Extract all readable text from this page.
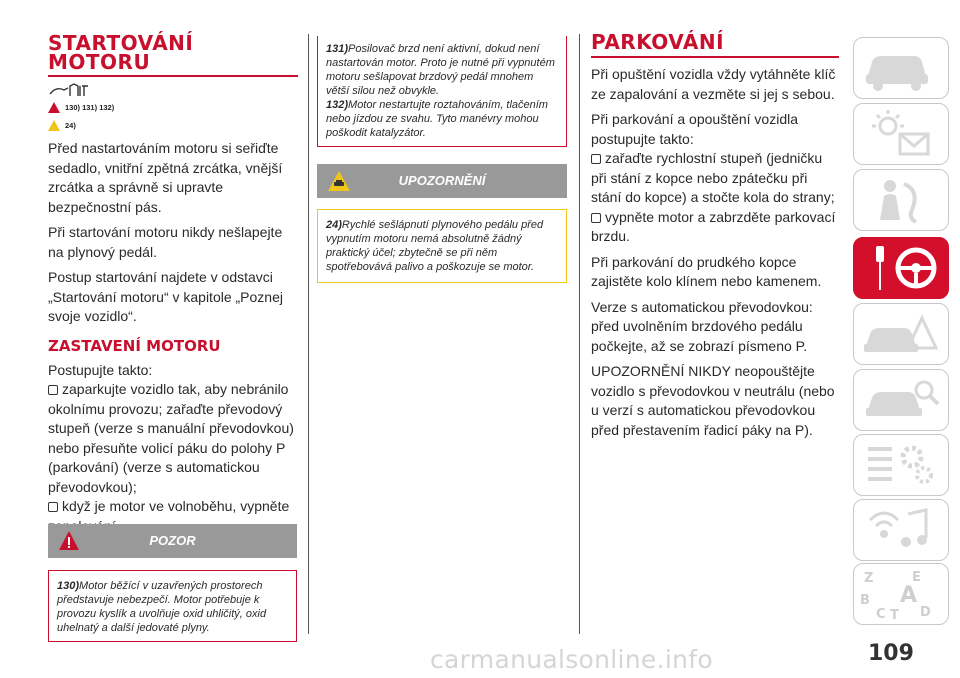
STARTOVÁNÍ
MOTORU
130) 131) 132)
24)

Před nastartováním motoru si seřiďte sedadlo, vnitřní zpětná zrcátka, vnější zrcátka a správně si upravte bezpečnostní pás.

Při startování motoru nikdy nešlapejte na plynový pedál.

Postup startování najdete v odstavci „Startování motoru“ v kapitole „Poznej svoje vozidlo“.

ZASTAVENÍ MOTORU
Postupujte takto:
zaparkujte vozidlo tak, aby nebránilo okolnímu provozu; zařaďte převodový stupeň (verze s manuální převodovkou) nebo přesuňte volicí páku do polohy P (parkování) (verze s automatickou převodovkou);
když je motor ve volnoběhu, vypněte
POZOR
130)Motor běžící v uzavřených prostorech představuje nebezpečí. Motor potřebuje k provozu kyslík a uvolňuje oxid uhličitý, oxid uhelnatý a další jedovaté plyny.
131)Posilovač brzd není aktivní, dokud není nastartován motor. Proto je nutné při vypnutém motoru sešlapovat brzdový pedál mnohem větší silou než obvykle.
132)Motor nestartujte roztahováním, tlačením nebo jízdou ze svahu. Tyto manévry mohou poškodit katalyzátor.
UPOZORNĚNÍ
24)Rychlé sešlápnutí plynového pedálu před vypnutím motoru nemá absolutně žádný praktický účel; zbytečně se při něm spotřebovává palivo a poškozuje se motor.
PARKOVÁNÍ

Při opuštění vozidla vždy vytáhněte klíč ze zapalování a vezměte si jej s sebou.

Při parkování a opouštění vozidla postupujte takto:
zařaďte rychlostní stupeň (jedničku při stání z kopce nebo zpátečku při stání do kopce) a stočte kola do strany;
vypněte motor a zabrzděte parkovací brzdu.

Při parkování do prudkého kopce zajistěte kolo klínem nebo kamenem.

Verze s automatickou převodovkou: před uvolněním brzdového pedálu počkejte, až se zobrazí písmeno P.

UPOZORNĚNÍ NIKDY neopouštějte vozidlo s převodovkou v neutrálu (nebo u verzí s automatickou převodovkou před přestavením řadicí páky na P).

Z	E
B A
C T D
carmanualsonline.info	109
